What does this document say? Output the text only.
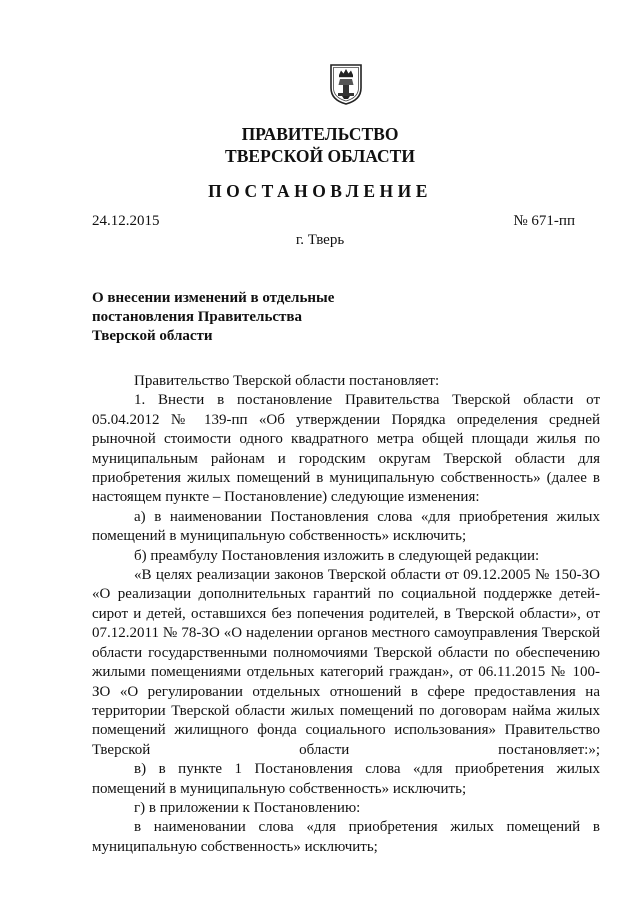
ПРАВИТЕЛЬСТВО
ТВЕРСКОЙ ОБЛАСТИ
ПОСТАНОВЛЕНИЕ
24.12.2015	№ 671-пп
г. Тверь
О внесении изменений в отдельные
постановления Правительства
Тверской области

Правительство Тверской области постановляет:

1. Внести в постановление Правительства Тверской области от 05.04.2012 № 139-пп «Об утверждении Порядка определения средней рыночной стоимости одного квадратного метра общей площади жилья по муниципальным районам и городским округам Тверской области для приобретения жилых помещений в муниципальную собственность» (далее в настоящем пункте – Постановление) следующие изменения:

а) в наименовании Постановления слова «для приобретения жилых помещений в муниципальную собственность» исключить;

б) преамбулу Постановления изложить в следующей редакции:

«В целях реализации законов Тверской области от 09.12.2005 № 150-ЗО «О реализации дополнительных гарантий по социальной поддержке детей-сирот и детей, оставшихся без попечения родителей, в Тверской области», от 07.12.2011 № 78-ЗО «О наделении органов местного самоуправления Тверской области государственными полномочиями Тверской области по обеспечению жилыми помещениями отдельных категорий граждан», от 06.11.2015 № 100-ЗО «О регулировании отдельных отношений в сфере предоставления на территории Тверской области жилых помещений по договорам найма жилых помещений жилищного фонда социального использования» Правительство Тверской области постановляет:»;

в) в пункте 1 Постановления слова «для приобретения жилых помещений в муниципальную собственность» исключить;

г) в приложении к Постановлению:

в наименовании слова «для приобретения жилых помещений в муниципальную собственность» исключить;
